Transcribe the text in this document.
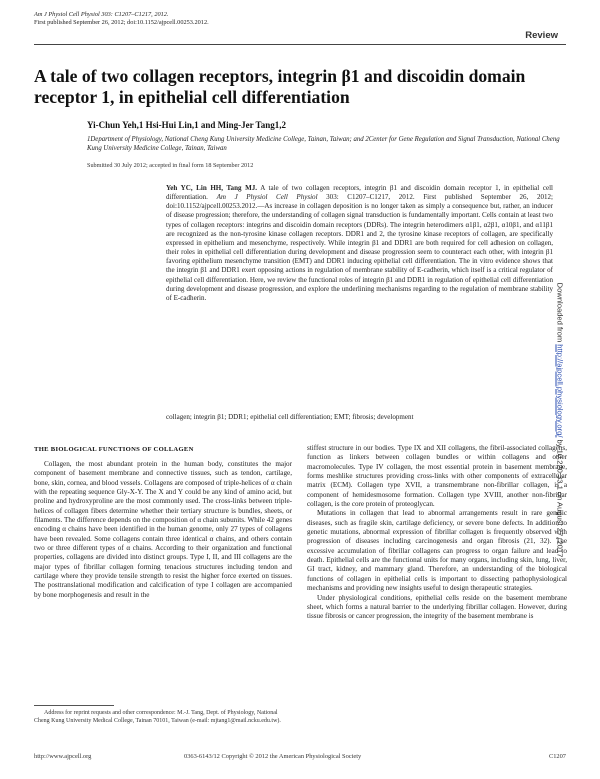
Am J Physiol Cell Physiol 303: C1207–C1217, 2012.
First published September 26, 2012; doi:10.1152/ajpcell.00253.2012.
Review
A tale of two collagen receptors, integrin β1 and discoidin domain receptor 1, in epithelial cell differentiation
Yi-Chun Yeh,1 Hsi-Hui Lin,1 and Ming-Jer Tang1,2
1Department of Physiology, National Cheng Kung University Medicine College, Tainan, Taiwan; and 2Center for Gene Regulation and Signal Transduction, National Cheng Kung University Medicine College, Tainan, Taiwan
Submitted 30 July 2012; accepted in final form 18 September 2012

Yeh YC, Lin HH, Tang MJ. A tale of two collagen receptors, integrin β1 and discoidin domain receptor 1, in epithelial cell differentiation. Am J Physiol Cell Physiol 303: C1207–C1217, 2012. First published September 26, 2012; doi:10.1152/ajpcell.00253.2012.—As increase in collagen deposition is no longer taken as simply a consequence but, rather, an inducer of disease progression; therefore, the understanding of collagen signal transduction is fundamentally important. Cells contain at least two types of collagen receptors: integrins and discoidin domain receptors (DDRs). The integrin heterodimers α1β1, α2β1, α10β1, and α11β1 are recognized as the non-tyrosine kinase collagen receptors. DDR1 and 2, the tyrosine kinase receptors of collagen, are specifically expressed in epithelium and mesenchyme, respectively. While integrin β1 and DDR1 are both required for cell adhesion on collagen, their roles in epithelial cell differentiation during development and disease progression seem to counteract each other, with integrin β1 favoring epithelium mesenchyme transition (EMT) and DDR1 inducing epithelial cell differentiation. The in vitro evidence shows that the integrin β1 and DDR1 exert opposing actions in regulation of membrane stability of E-cadherin, which itself is a critical regulator of epithelial cell differentiation. Here, we review the functional roles of integrin β1 and DDR1 in regulation of epithelial cell differentiation during development and disease progression, and explore the underlining mechanisms regarding to the regulation of membrane stability of E-cadherin.

collagen; integrin β1; DDR1; epithelial cell differentiation; EMT; fibrosis; development
Downloaded from http://ajpcell.physiology.org/ by 10.220.33.1 on August 27, 2017
THE BIOLOGICAL FUNCTIONS OF COLLAGEN

Collagen, the most abundant protein in the human body, constitutes the major component of basement membrane and connective tissues, such as tendon, cartilage, bone, skin, cornea, and blood vessels. Collagens are composed of triple-helices of α chain with the repeating sequence Gly-X-Y. The X and Y could be any kind of amino acid, but proline and hydroxyproline are the most commonly used. The cross-links between triple-helices of collagen fibers determine whether their tertiary structure is bundles, sheets, or filaments. The difference depends on the composition of α chain subunits. While 42 genes encoding α chains have been identified in the human genome, only 27 types of collagens have been revealed. Some collagens contain three identical α chains, and others contain two or three different types of α chains. According to their organization and functional properties, collagens are divided into distinct groups. Type I, II, and III collagens are the major types of fibrillar collagen forming tenacious structures including tendon and cartilage where they provide tensile strength to resist the higher force exerted on tissues. The posttranslational modification and calcification of type I collagen are accompanied by bone morphogenesis and result in the

stiffest structure in our bodies. Type IX and XII collagens, the fibril-associated collagens, function as linkers between collagen bundles or within collagens and other macromolecules. Type IV collagen, the most essential protein in basement membrane, forms meshlike structures providing cross-links with other components of extracellular matrix (ECM). Collagen type XVII, a transmembrane non-fibrillar collagen, is a component of hemidesmosome formation. Collagen type XVIII, another non-fibrillar collagen, is the core protein of proteoglycan.

Mutations in collagen that lead to abnormal arrangements result in rare genetic diseases, such as fragile skin, cartilage deficiency, or severe bone defects. In addition to genetic mutations, abnormal expression of fibrillar collagen is frequently observed with progression of diseases including carcinogenesis and organ fibrosis (21, 32). The excessive accumulation of fibrillar collagens can progress to organ failure and lead to death. Epithelial cells are the functional units for many organs, including skin, lung, liver, GI tract, kidney, and mammary gland. Therefore, an understanding of the biological functions of collagen in epithelial cells is important to dissecting pathophysiological mechanisms and providing new insights useful to design therapeutic strategies.

Under physiological conditions, epithelial cells reside on the basement membrane sheet, which forms a natural barrier to the underlying fibrillar collagen. However, during tissue fibrosis or cancer progression, the integrity of the basement membrane is

Address for reprint requests and other correspondence: M.-J. Tang, Dept. of Physiology, National Cheng Kung University Medical College, Tainan 70101, Taiwan (e-mail: mjtang1@mail.ncku.edu.tw).
http://www.ajpcell.org	0363-6143/12 Copyright © 2012 the American Physiological Society	C1207
